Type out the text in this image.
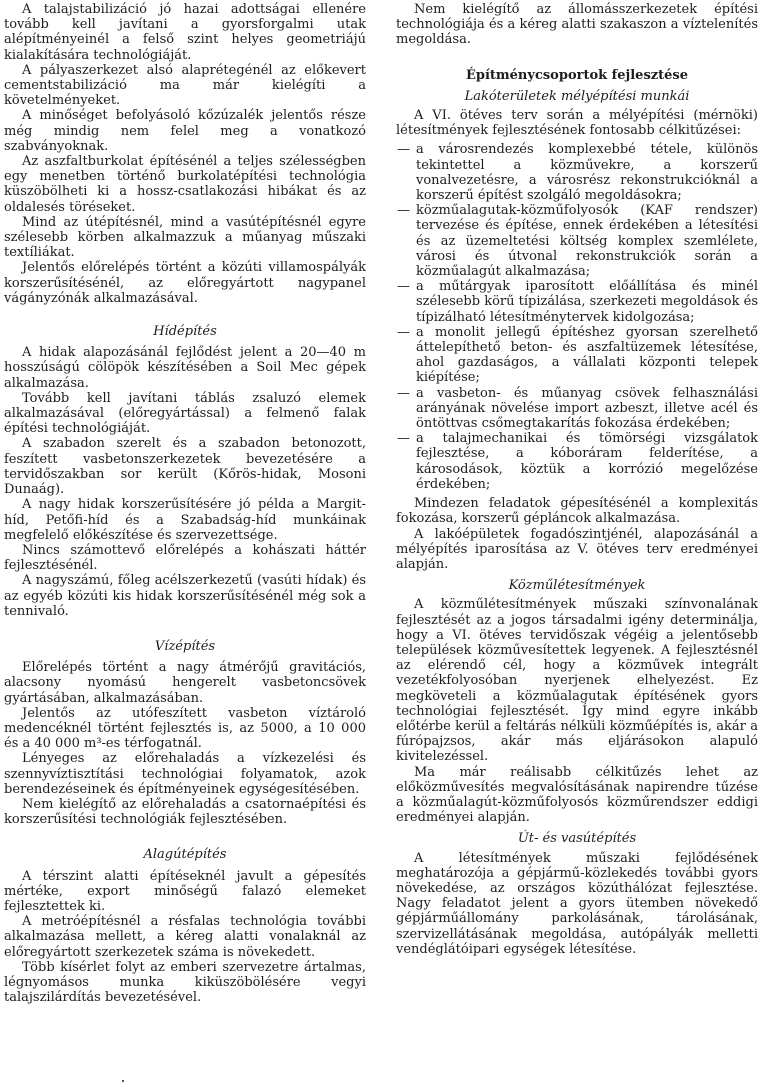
A talajstabilizáció jó hazai adottságai ellenére tovább kell javítani a gyorsforgalmi utak alépítményeinél a felső szint helyes geometriájú kialakítására technológiáját.

A pályaszerkezet alsó alaprétegénél az előkevert cementstabilizáció ma már kielégíti a követelményeket.

A minőséget befolyásoló kőzúzalék jelentős része még mindig nem felel meg a vonatkozó szabványoknak.

Az aszfaltburkolat építésénél a teljes szélességben egy menetben történő burkolatépítési technológia küszöbölheti ki a hossz-csatlakozási hibákat és az oldalesés töréseket.

Mind az útépítésnél, mind a vasútépítésnél egyre szélesebb körben alkalmazzuk a műanyag műszaki textíliákat.

Jelentős előrelépés történt a közúti villamospályák korszerűsítésénél, az előregyártott nagypanel vágányzónák alkalmazásával.

Hídépítés

A hidak alapozásánál fejlődést jelent a 20—40 m hosszúságú cölöpök készítésében a Soil Mec gépek alkalmazása.

Tovább kell javítani táblás zsaluzó elemek alkalmazásával (előregyártással) a felmenő falak építési technológiáját.

A szabadon szerelt és a szabadon betonozott, feszített vasbetonszerkezetek bevezetésére a tervidőszakban sor került (Kőrös-hidak, Mosoni Dunaág).

A nagy hidak korszerűsítésére jó példa a Margit-híd, Petőfi-híd és a Szabadság-híd munkáinak megfelelő előkészítése és szervezettsége.

Nincs számottevő előrelépés a kohászati háttér fejlesztésénél.

A nagyszámú, főleg acélszerkezetű (vasúti hídak) és az egyéb közúti kis hidak korszerűsítésénél még sok a tennivaló.

Vízépítés

Előrelépés történt a nagy átmérőjű gravitációs, alacsony nyomású hengerelt vasbetoncsövek gyártásában, alkalmazásában.

Jelentős az utófeszített vasbeton víztároló medencéknél történt fejlesztés is, az 5000, a 10 000 és a 40 000 m³-es térfogatnál.

Lényeges az előrehaladás a vízkezelési és szennyvíztisztítási technológiai folyamatok, azok berendezéseinek és építményeinek egységesítésében.

Nem kielégítő az előrehaladás a csatornaépítési és korszerűsítési technológiák fejlesztésében.

Alagútépítés

A térszint alatti építéseknél javult a gépesítés mértéke, export minőségű falazó elemeket fejlesztettek ki.

A metróépítésnél a résfalas technológia további alkalmazása mellett, a kéreg alatti vonalaknál az előregyártott szerkezetek száma is növekedett.

Több kísérlet folyt az emberi szervezetre ártalmas, légnyomásos munka kiküszöbölésére vegyi talajszilárdítás bevezetésével.

Nem kielégítő az állomásszerkezetek építési technológiája és a kéreg alatti szakaszon a víztelenítés megoldása.

Építménycsoportok fejlesztése
Lakóterületek mélyépítési munkái

A VI. ötéves terv során a mélyépítési (mérnöki) létesítmények fejlesztésének fontosabb célkitűzései:

— a városrendezés komplexebbé tétele, különös tekintettel a közművekre, a korszerű vonalvezetésre, a városrész rekonstrukcióknál a korszerű építést szolgáló megoldásokra;
— közműalagutak-közműfolyosók (KAF rendszer) tervezése és építése, ennek érdekében a létesítési és az üzemeltetési költség komplex szemlélete, városi és útvonal rekonstrukciók során a közműalagút alkalmazása;
— a műtárgyak iparosított előállítása és minél szélesebb körű típizálása, szerkezeti megoldások és típizálható létesítménytervek kidolgozása;
— a monolit jellegű építéshez gyorsan szerelhető áttelepíthető beton- és aszfaltüzemek létesítése, ahol gazdaságos, a vállalati központi telepek kiépítése;
— a vasbeton- és műanyag csövek felhasználási arányának növelése import azbeszt, illetve acél és öntöttvas csőmegtakarítás fokozása érdekében;
— a talajmechanikai és tömörségi vizsgálatok fejlesztése, a kóboráram felderítése, a károsodások, köztük a korrózió megelőzése érdekében;

Mindezen feladatok gépesítésénél a komplexitás fokozása, korszerű gépláncok alkalmazása.

A lakóépületek fogadószintjénél, alapozásánál a mélyépítés iparosítása az V. ötéves terv eredményei alapján.

Közműlétesítmények

A közműlétesítmények műszaki színvonalának fejlesztését az a jogos társadalmi igény determinálja, hogy a VI. ötéves tervidőszak végéig a jelentősebb települések közművesítettek legyenek. A fejlesztésnél az elérendő cél, hogy a közművek integrált vezetékfolyosóban nyerjenek elhelyezést. Ez megköveteli a közműalagutak építésének gyors technológiai fejlesztését. Így mind egyre inkább előtérbe kerül a feltárás nélküli közműépítés is, akár a fúrópajzsos, akár más eljárásokon alapuló kivitelezéssel.

Ma már reálisabb célkitűzés lehet az előközművesítés megvalósításának napirendre tűzése a közműalagút-közműfolyosós közműrendszer eddigi eredményei alapján.

Út- és vasútépítés

A létesítmények műszaki fejlődésének meghatározója a gépjármű-közlekedés további gyors növekedése, az országos közúthálózat fejlesztése. Nagy feladatot jelent a gyors ütemben növekedő gépjárműállomány parkolásának, tárolásának, szervizellátásának megoldása, autópályák melletti vendéglátóipari egységek létesítése.
